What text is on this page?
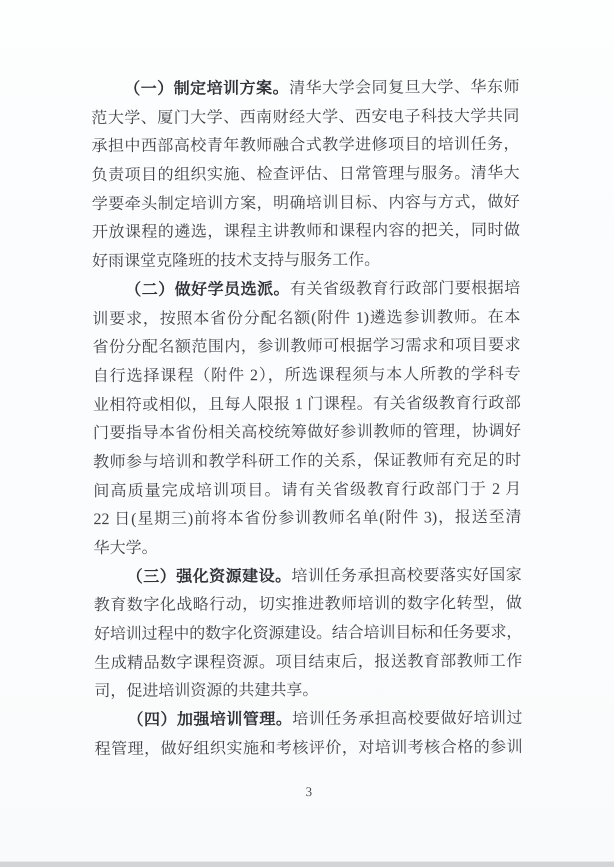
（一）制定培训方案。清华大学会同复旦大学、华东师
范大学、厦门大学、西南财经大学、西安电子科技大学共同
承担中西部高校青年教师融合式教学进修项目的培训任务，
负责项目的组织实施、检查评估、日常管理与服务。清华大
学要牵头制定培训方案，明确培训目标、内容与方式，做好
开放课程的遴选，课程主讲教师和课程内容的把关，同时做
好雨课堂克隆班的技术支持与服务工作。
（二）做好学员选派。有关省级教育行政部门要根据培
训要求，按照本省份分配名额(附件 1)遴选参训教师。在本
省份分配名额范围内，参训教师可根据学习需求和项目要求
自行选择课程（附件 2），所选课程须与本人所教的学科专
业相符或相似，且每人限报 1 门课程。有关省级教育行政部
门要指导本省份相关高校统筹做好参训教师的管理，协调好
教师参与培训和教学科研工作的关系，保证教师有充足的时
间高质量完成培训项目。请有关省级教育行政部门于 2 月
22 日(星期三)前将本省份参训教师名单(附件 3)，报送至清
华大学。
（三）强化资源建设。培训任务承担高校要落实好国家
教育数字化战略行动，切实推进教师培训的数字化转型，做
好培训过程中的数字化资源建设。结合培训目标和任务要求，
生成精品数字课程资源。项目结束后，报送教育部教师工作
司，促进培训资源的共建共享。
（四）加强培训管理。培训任务承担高校要做好培训过
程管理，做好组织实施和考核评价，对培训考核合格的参训
3
